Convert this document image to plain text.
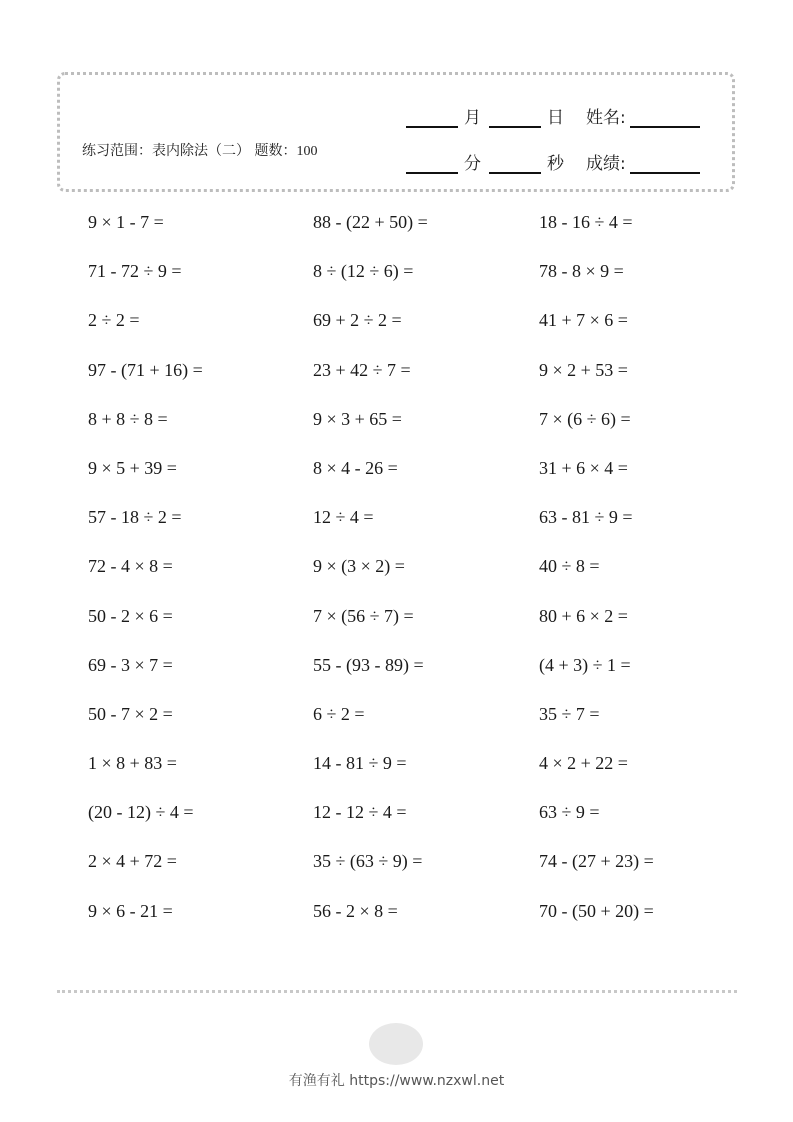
练习范围：表内除法（二） 题数：100
月	日 姓名:
分	秒 成绩:
9 × 1 - 7 =	88 - (22 + 50) =	18 - 16 ÷ 4 =
71 - 72 ÷ 9 =	8 ÷ (12 ÷ 6) =	78 - 8 × 9 =
2 ÷ 2 =	69 + 2 ÷ 2 =	41 + 7 × 6 =
97 - (71 + 16) =	23 + 42 ÷ 7 =	9 × 2 + 53 =
8 + 8 ÷ 8 =	9 × 3 + 65 =	7 × (6 ÷ 6) =
9 × 5 + 39 =	8 × 4 - 26 =	31 + 6 × 4 =
57 - 18 ÷ 2 =	12 ÷ 4 =	63 - 81 ÷ 9 =
72 - 4 × 8 =	9 × (3 × 2) =	40 ÷ 8 =
50 - 2 × 6 =	7 × (56 ÷ 7) =	80 + 6 × 2 =
69 - 3 × 7 =	55 - (93 - 89) =	(4 + 3) ÷ 1 =
50 - 7 × 2 =	6 ÷ 2 =	35 ÷ 7 =
1 × 8 + 83 =	14 - 81 ÷ 9 =	4 × 2 + 22 =
(20 - 12) ÷ 4 =	12 - 12 ÷ 4 =	63 ÷ 9 =
2 × 4 + 72 =	35 ÷ (63 ÷ 9) =	74 - (27 + 23) =
9 × 6 - 21 =	56 - 2 × 8 =	70 - (50 + 20) =
有渔有礼 https://www.nzxwl.net
